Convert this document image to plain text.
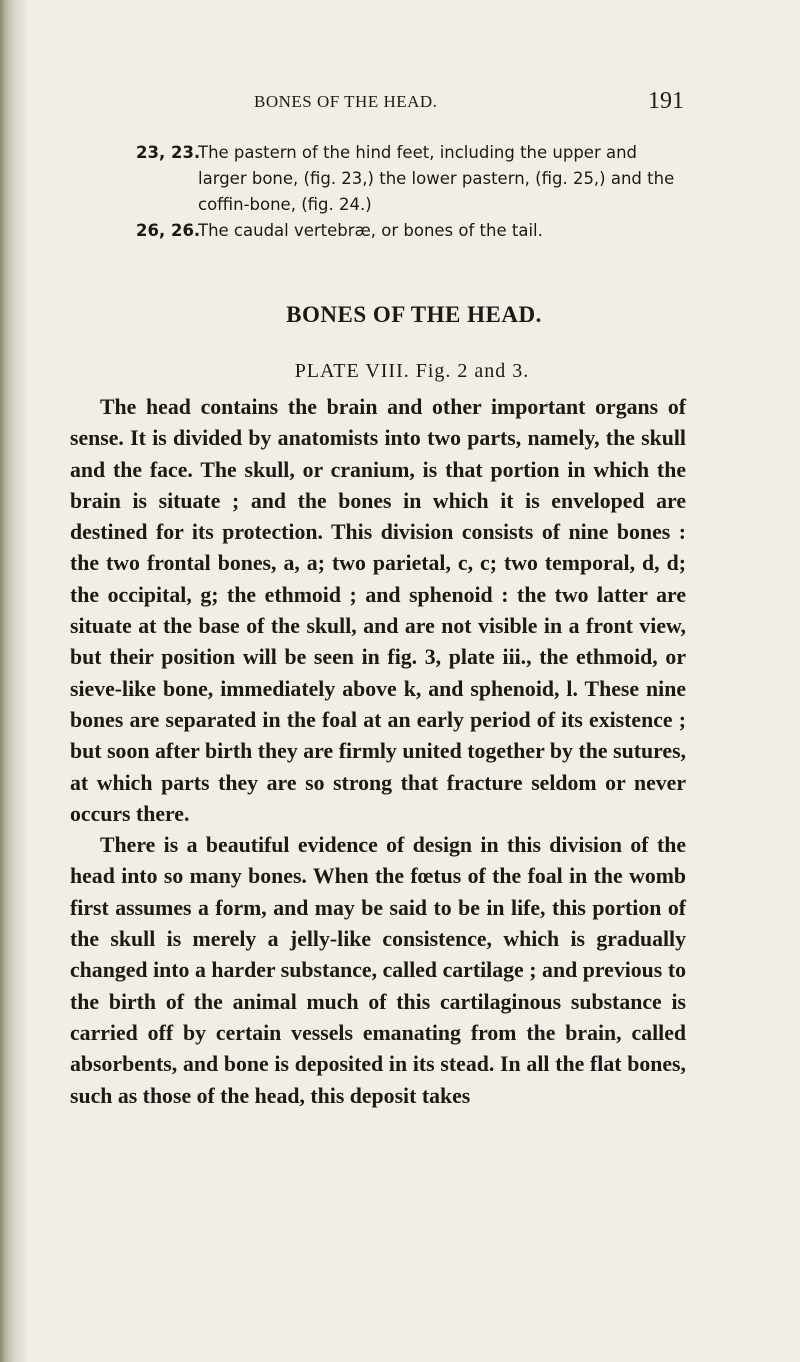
BONES OF THE HEAD.	191
23, 23.
The pastern of the hind feet, including the upper and larger bone, (fig. 23,) the lower pastern, (fig. 25,) and the coffin-bone, (fig. 24.)
26, 26.
The caudal vertebræ, or bones of the tail.
BONES OF THE HEAD.
PLATE VIII. Fig. 2 and 3.

The head contains the brain and other important organs of sense. It is divided by anatomists into two parts, namely, the skull and the face. The skull, or cranium, is that portion in which the brain is situate ; and the bones in which it is enveloped are destined for its protection. This division consists of nine bones : the two frontal bones, a, a; two parietal, c, c; two temporal, d, d; the occipital, g; the ethmoid ; and sphenoid : the two latter are situate at the base of the skull, and are not visible in a front view, but their position will be seen in fig. 3, plate iii., the ethmoid, or sieve-like bone, immediately above k, and sphenoid, l. These nine bones are separated in the foal at an early period of its existence ; but soon after birth they are firmly united together by the sutures, at which parts they are so strong that fracture seldom or never occurs there.

There is a beautiful evidence of design in this division of the head into so many bones. When the fœtus of the foal in the womb first assumes a form, and may be said to be in life, this portion of the skull is merely a jelly-like consistence, which is gradually changed into a harder substance, called cartilage ; and previous to the birth of the animal much of this cartilaginous substance is carried off by certain vessels emanating from the brain, called absorbents, and bone is deposited in its stead. In all the flat bones, such as those of the head, this deposit takes
